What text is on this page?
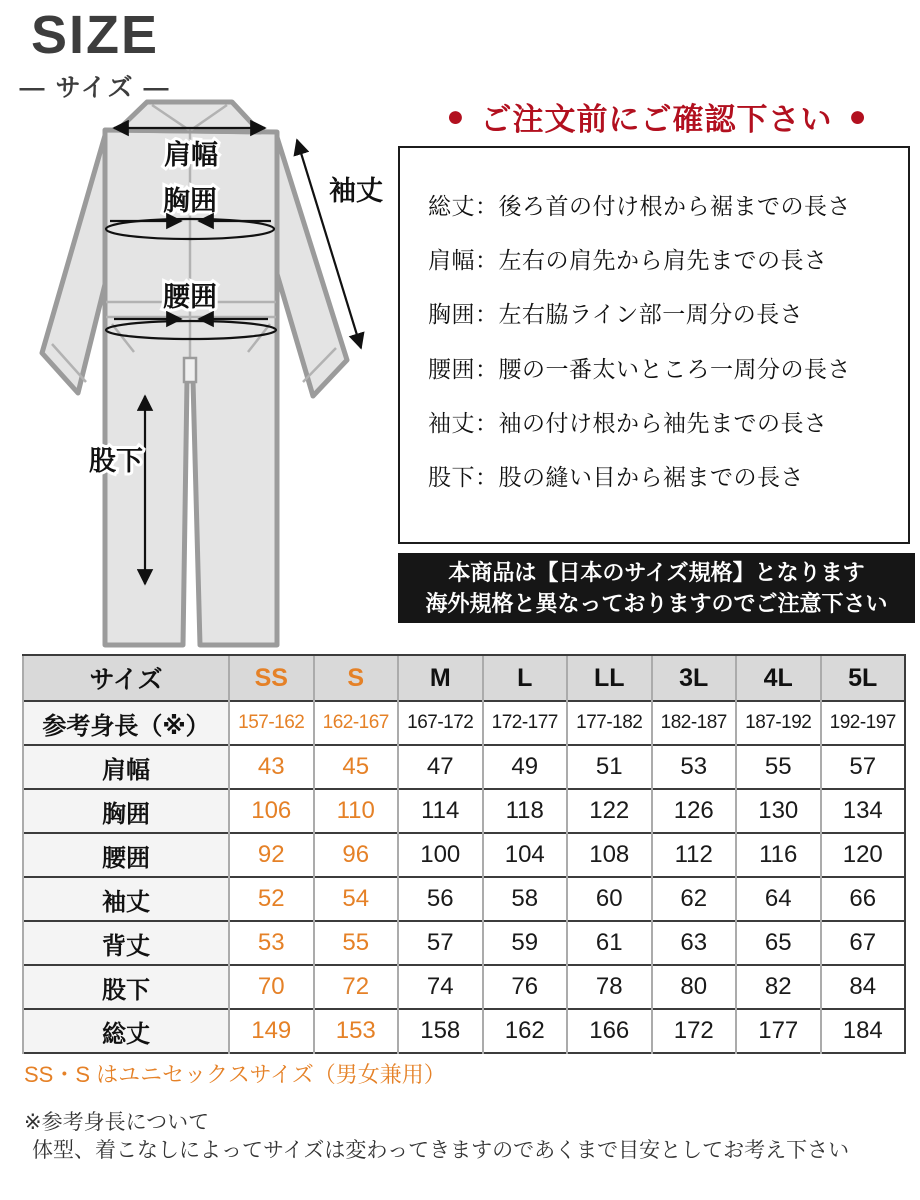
SIZE
— サイズ —
肩幅
袖丈
胸囲
腰囲
股下
● ご注文前にご確認下さい ●
総丈：後ろ首の付け根から裾までの長さ
肩幅：左右の肩先から肩先までの長さ
胸囲：左右脇ライン部一周分の長さ
腰囲：腰の一番太いところ一周分の長さ
袖丈：袖の付け根から袖先までの長さ
股下：股の縫い目から裾までの長さ
本商品は【日本のサイズ規格】となります
海外規格と異なっておりますのでご注意下さい
サイズ	SS	S	M	L	LL	3L	4L	5L
参考身長（※）	157-162	162-167	167-172	172-177	177-182	182-187	187-192	192-197
肩幅	43	45	47	49	51	53	55	57
胸囲	106	110	114	118	122	126	130	134
腰囲	92	96	100	104	108	112	116	120
袖丈	52	54	56	58	60	62	64	66
背丈	53	55	57	59	61	63	65	67
股下	70	72	74	76	78	80	82	84
総丈	149	153	158	162	166	172	177	184
SS・S はユニセックスサイズ（男女兼用）
※参考身長について
体型、着こなしによってサイズは変わってきますのであくまで目安としてお考え下さい
